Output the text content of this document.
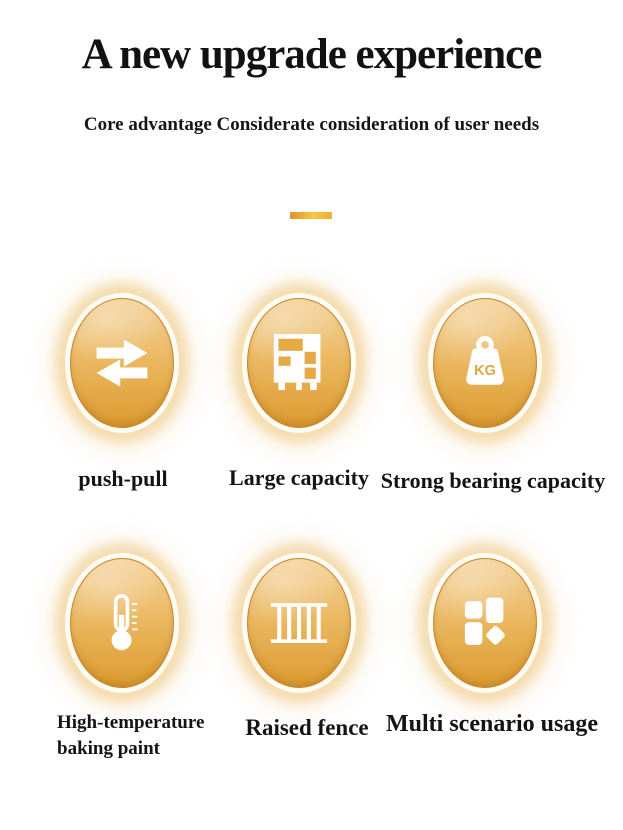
A new upgrade experience
Core advantage Considerate consideration of user needs
push-pull	Large capacity
KG
Strong bearing capacity
High-temperature baking paint
Raised fence Multi scenario usage
